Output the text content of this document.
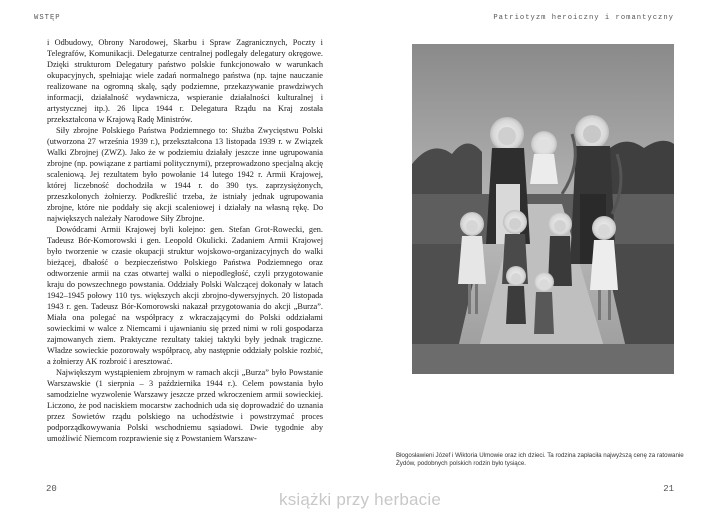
WSTĘP

i Odbudowy, Obrony Narodowej, Skarbu i Spraw Zagranicznych, Poczty i Telegrafów, Komunikacji. Delegaturze centralnej podlegały delegatury okręgowe. Dzięki strukturom Delegatury państwo polskie funkcjonowało w warunkach okupacyjnych, spełniając wiele zadań normalnego państwa (np. tajne nauczanie realizowane na ogromną skalę, sądy podziemne, przekazywanie prawdziwych informacji, działalność wydawnicza, wspieranie działalności kulturalnej i artystycznej itp.). 26 lipca 1944 r. Delegatura Rządu na Kraj została przekształcona w Krajową Radę Ministrów.

Siły zbrojne Polskiego Państwa Podziemnego to: Służba Zwycięstwu Polski (utworzona 27 września 1939 r.), przekształcona 13 listopada 1939 r. w Związek Walki Zbrojnej (ZWZ). Jako że w podziemiu działały jeszcze inne ugrupowania zbrojne (np. powiązane z partiami politycznymi), przeprowadzono specjalną akcję scaleniową. Jej rezultatem było powołanie 14 lutego 1942 r. Armii Krajowej, której liczebność dochodziła w 1944 r. do 390 tys. zaprzysiężonych, przeszkolonych żołnierzy. Podkreślić trzeba, że istniały jednak ugrupowania zbrojne, które nie poddały się akcji scaleniowej i działały na własną rękę. Do największych należały Narodowe Siły Zbrojne.

Dowódcami Armii Krajowej byli kolejno: gen. Stefan Grot-Rowecki, gen. Tadeusz Bór-Komorowski i gen. Leopold Okulicki. Zadaniem Armii Krajowej było tworzenie w czasie okupacji struktur wojskowo-organizacyjnych do walki bieżącej, dbałość o bezpieczeństwo Polskiego Państwa Podziemnego oraz odtworzenie armii na czas otwartej walki o niepodległość, czyli przygotowanie kraju do powszechnego powstania. Oddziały Polski Walczącej dokonały w latach 1942–1945 połowy 110 tys. większych akcji zbrojno-dywersyjnych. 20 listopada 1943 r. gen. Tadeusz Bór-Komorowski nakazał przygotowania do akcji „Burza”. Miała ona polegać na współpracy z wkraczającymi do Polski oddziałami sowieckimi w walce z Niemcami i ujawnianiu się przed nimi w roli gospodarza zajmowanych ziem. Praktyczne rezultaty takiej taktyki były jednak tragiczne. Władze sowieckie pozorowały współpracę, aby następnie oddziały polskie rozbić, a żołnierzy AK rozbroić i aresztować.

Największym wystąpieniem zbrojnym w ramach akcji „Burza” było Powstanie Warszawskie (1 sierpnia – 3 października 1944 r.). Celem powstania było samodzielne wyzwolenie Warszawy jeszcze przed wkroczeniem armii sowieckiej. Liczono, że pod naciskiem mocarstw zachodnich uda się doprowadzić do uznania przez Sowietów rządu polskiego na uchodźstwie i powstrzymać proces podporządkowywania Polski wschodniemu sąsiadowi. Dwie tygodnie aby umożliwić Niemcom rozprawienie się z Powstaniem Warszaw-

20
Patriotyzm heroiczny i romantyczny
Błogosławieni Józef i Wiktoria Ulmowie oraz ich dzieci. Ta rodzina zapłaciła najwyższą cenę za ratowanie Żydów, podobnych polskich rodzin było tysiące.
21
książki przy herbacie
